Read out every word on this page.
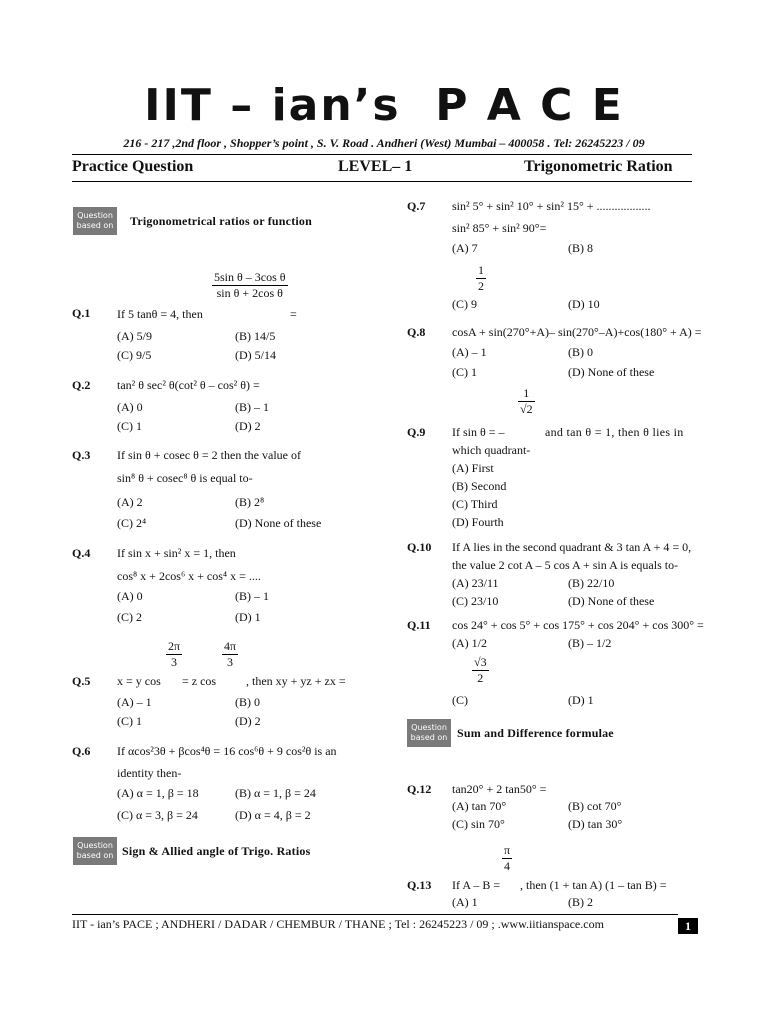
IIT – ian’s  P A C E
216 - 217 ,2nd floor , Shopper’s point , S. V. Road . Andheri (West) Mumbai – 400058 . Tel: 26245223 / 09
Practice Question	LEVEL– 1	Trigonometric Ration
Question based on	Trigonometrical ratios or function
$\frac{\text{5sin θ – 3cos θ}}{\text{sin θ + 2cos θ}}$
Q.1 If 5 tanθ = 4, then	=
(A) 5/9	(B) 14/5
(C) 9/5	(D) 5/14
Q.2 tan² θ sec² θ(cot² θ – cos² θ) =
(A) 0	(B) – 1
(C) 1	(D) 2
Q.3 If sin θ + cosec θ = 2 then the value of
sin⁸ θ + cosec⁸ θ is equal to-
(A) 2	(B) 2⁸
(C) 2⁴	(D) None of these
Q.4 If sin x + sin² x = 1, then
cos⁸ x + 2cos⁶ x + cos⁴ x = ....
(A) 0	(B) – 1
(C) 2	(D) 1
$\frac{2\pi}{3}$	$\frac{4\pi}{3}$
Q.5 x = y cos = z cos , then xy + yz + zx =
(A) – 1	(B) 0
(C) 1	(D) 2
Q.6 If αcos²3θ + βcos⁴θ = 16 cos⁶θ + 9 cos²θ is an
identity then-
(A) α = 1, β = 18	(B) α = 1, β = 24
(C) α = 3, β = 24	(D) α = 4, β = 2
Question based on Sign & Allied angle of Trigo. Ratios
Q.7 sin² 5° + sin² 10° + sin² 15° + ..................
sin² 85° + sin² 90°=
(A) 7	(B) 8
$\frac{1}{2}$
(C) 9	(D) 10
Q.8 cosA + sin(270°+A)– sin(270°–A)+cos(180° + A) =
(A) – 1	(B) 0
(C) 1	(D) None of these
$\frac{1}{√2}$
Q.9 If sin θ = –	and tan θ = 1, then θ lies in
which quadrant-
(A) First
(B) Second
(C) Third
(D) Fourth
Q.10 If A lies in the second quadrant & 3 tan A + 4 = 0,
the value 2 cot A – 5 cos A + sin A is equals to-
(A) 23/11	(B) 22/10
(C) 23/10	(D) None of these
Q.11 cos 24° + cos 5° + cos 175° + cos 204° + cos 300° =
(A) 1/2	(B) – 1/2
$\frac{√3}{2}$
(C)	(D) 1
Question based on Sum and Difference formulae
Q.12 tan20° + 2 tan50° =
(A) tan 70°	(B) cot 70°
(C) sin 70°	(D) tan 30°
$\frac{\pi}{4}$
Q.13 If A – B = , then (1 + tan A) (1 – tan B) =
(A) 1	(B) 2
IIT - ian’s PACE ; ANDHERI / DADAR / CHEMBUR / THANE ; Tel : 26245223 / 09 ; .www.iitianspace.com	1
